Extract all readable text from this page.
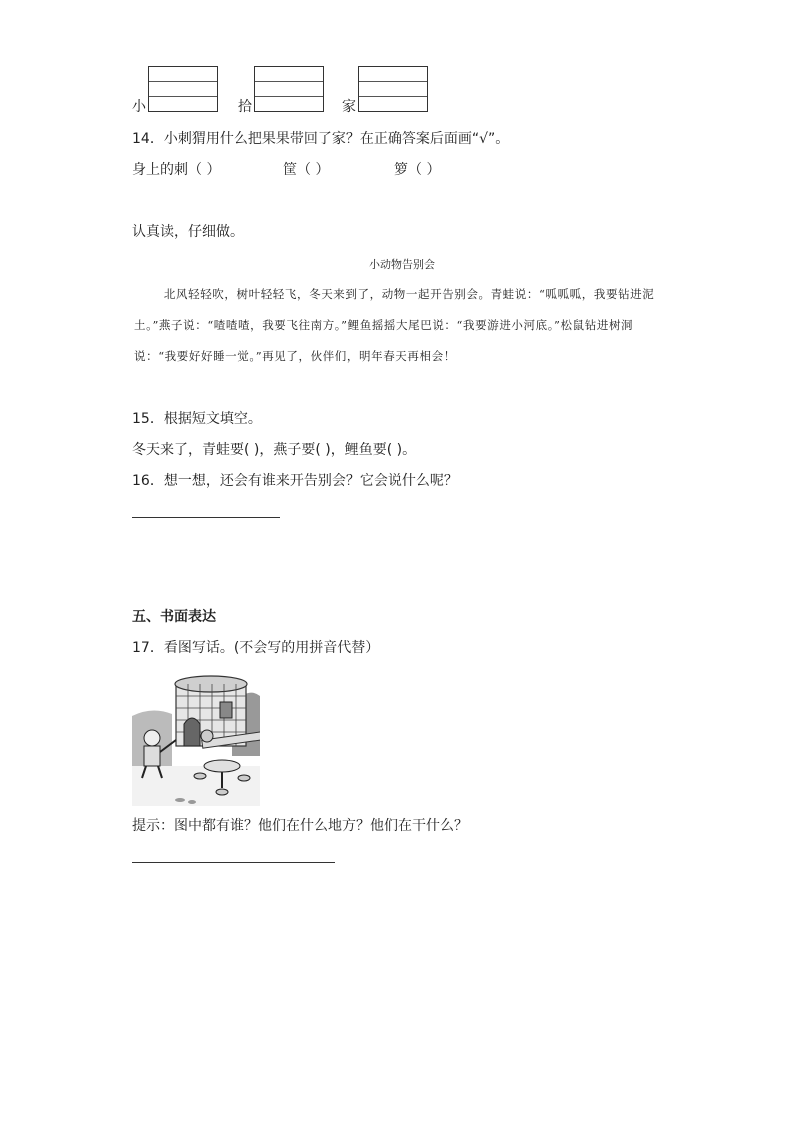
小	拾	家
14．小刺猬用什么把果果带回了家？在正确答案后面画“√”。
身上的刺（ ）	筐（ ）	箩（ ）
认真读，仔细做。
小动物告别会
北风轻轻吹，树叶轻轻飞，冬天来到了，动物一起开告别会。青蛙说：“呱呱呱，我要钻进泥土。”燕子说：“喳喳喳，我要飞往南方。”鲤鱼摇摇大尾巴说：“我要游进小河底。”松鼠钻进树洞说：“我要好好睡一觉。”再见了，伙伴们，明年春天再相会！
15．根据短文填空。
冬天来了，青蛙要( )，燕子要( )，鲤鱼要( )。
16．想一想，还会有谁来开告别会？它会说什么呢？
五、书面表达
17．看图写话。(不会写的用拼音代替）
提示：图中都有谁？他们在什么地方？他们在干什么？
